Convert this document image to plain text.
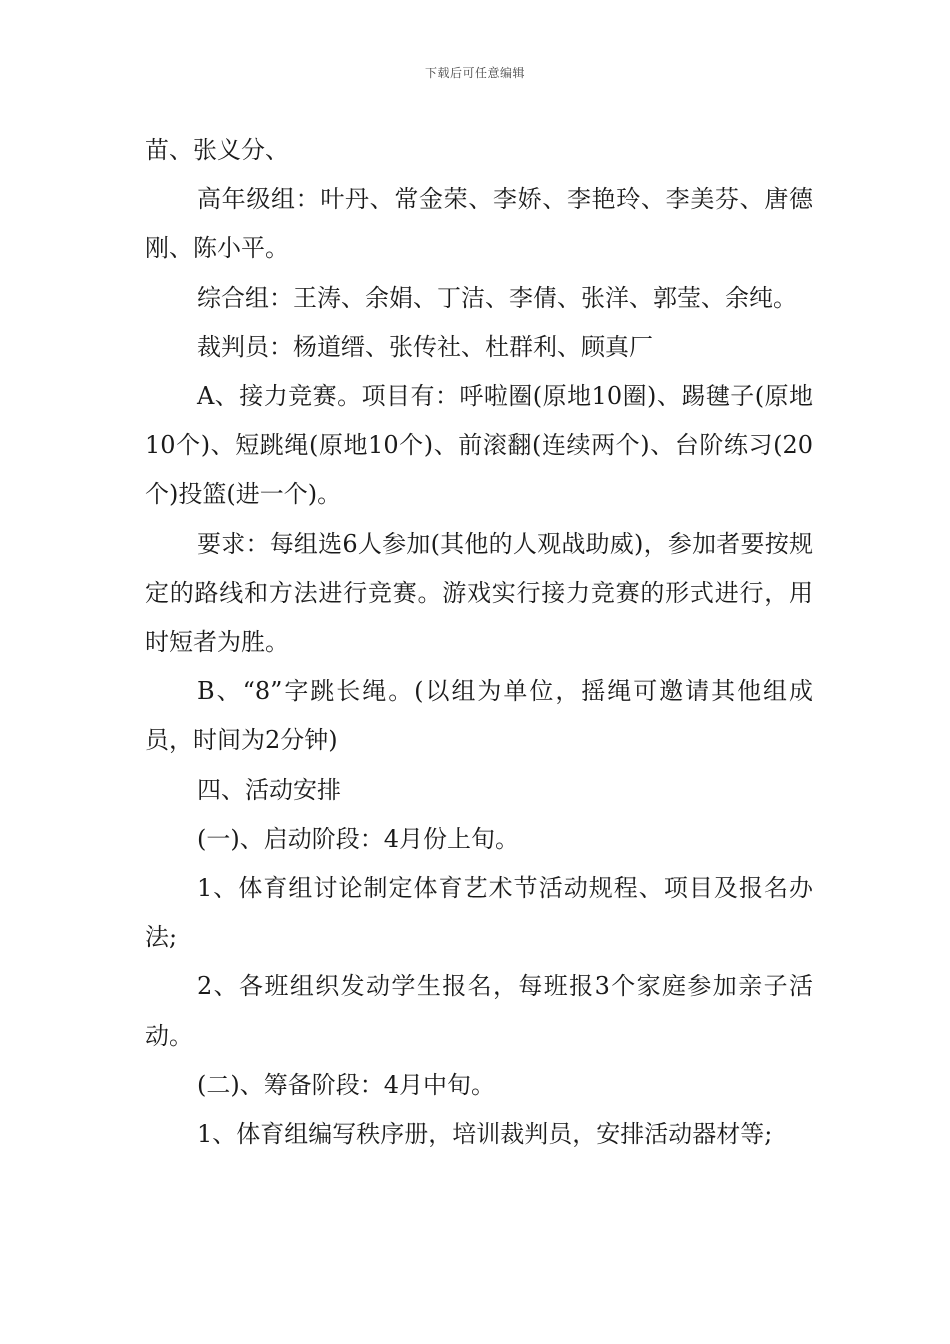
下载后可任意编辑

苗、张义分、

高年级组：叶丹、常金荣、李娇、李艳玲、李美芬、唐德刚、陈小平。

综合组：王涛、余娟、丁洁、李倩、张洋、郭莹、余纯。

裁判员：杨道缙、张传社、杜群利、顾真厂

A、接力竞赛。项目有：呼啦圈(原地10圈)、踢毽子(原地10个)、短跳绳(原地10个)、前滚翻(连续两个)、台阶练习(20个)投篮(进一个)。

要求：每组选6人参加(其他的人观战助威)，参加者要按规定的路线和方法进行竞赛。游戏实行接力竞赛的形式进行，用时短者为胜。

B、“8”字跳长绳。(以组为单位，摇绳可邀请其他组成员，时间为2分钟)

四、活动安排

(一)、启动阶段：4月份上旬。

1、体育组讨论制定体育艺术节活动规程、项目及报名办法;

2、各班组织发动学生报名，每班报3个家庭参加亲子活动。

(二)、筹备阶段：4月中旬。

1、体育组编写秩序册，培训裁判员，安排活动器材等;
